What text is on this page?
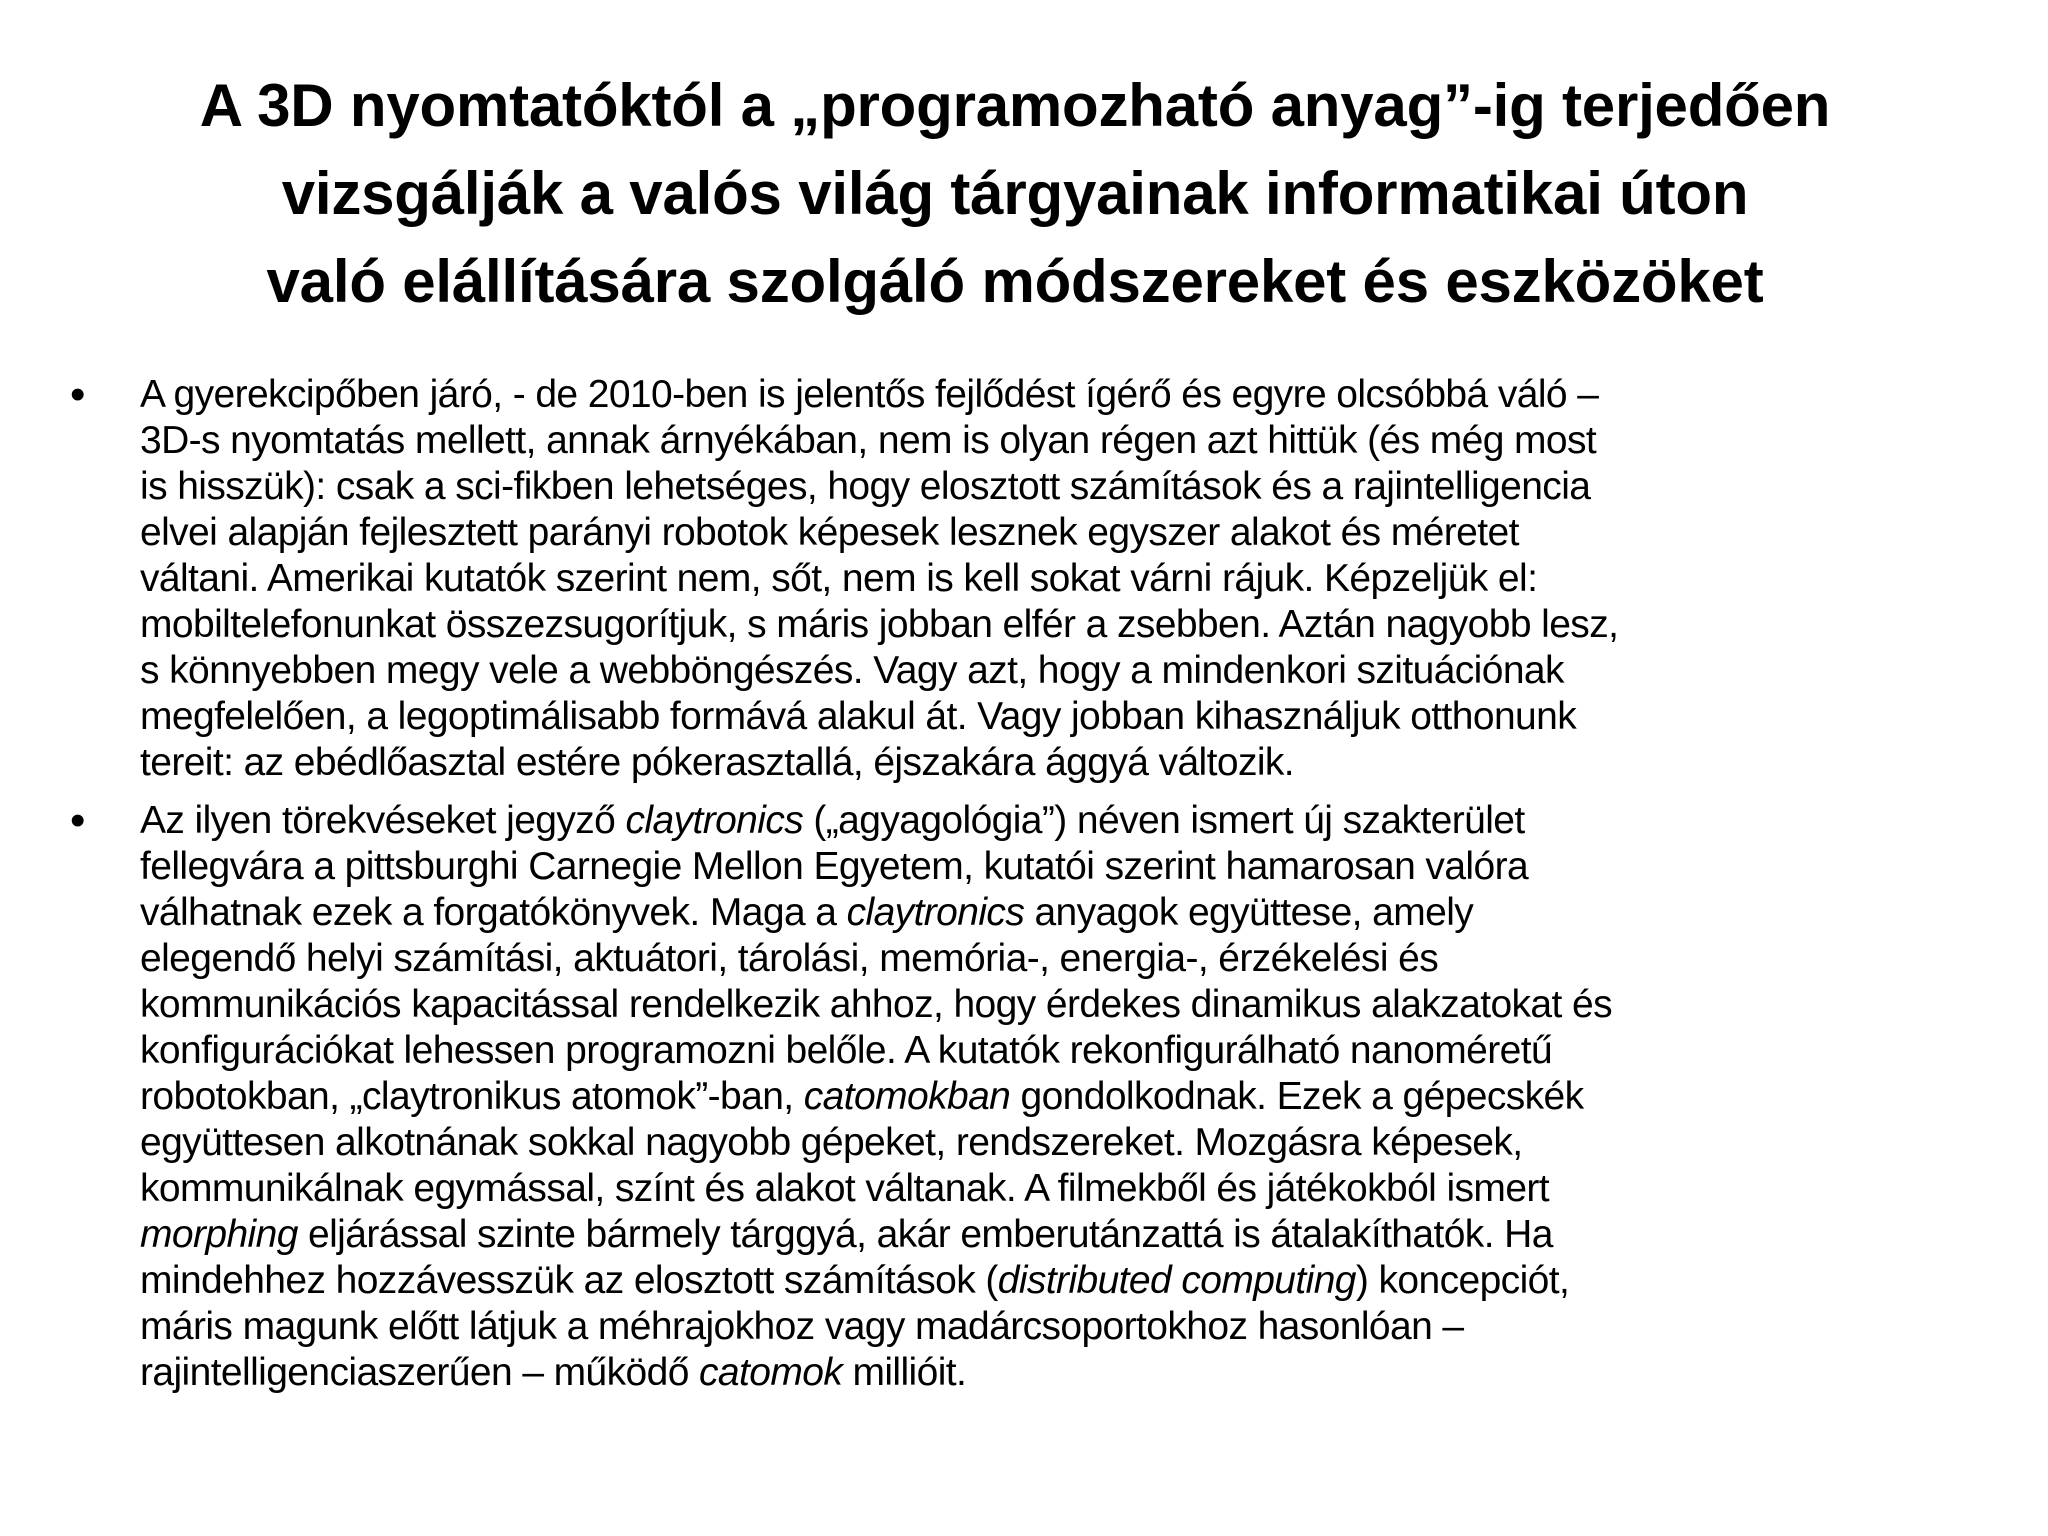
A 3D nyomtatóktól a „programozható anyag”-ig terjedően
vizsgálják a valós világ tárgyainak informatikai úton
való elállítására szolgáló módszereket és eszközöket
• A gyerekcipőben járó, - de 2010-ben is jelentős fejlődést ígérő és egyre olcsóbbá váló –
3D-s nyomtatás mellett, annak árnyékában, nem is olyan régen azt hittük (és még most
is hisszük): csak a sci-fikben lehetséges, hogy elosztott számítások és a rajintelligencia
elvei alapján fejlesztett parányi robotok képesek lesznek egyszer alakot és méretet
váltani. Amerikai kutatók szerint nem, sőt, nem is kell sokat várni rájuk. Képzeljük el:
mobiltelefonunkat összezsugorítjuk, s máris jobban elfér a zsebben. Aztán nagyobb lesz,
s könnyebben megy vele a webböngészés. Vagy azt, hogy a mindenkori szituációnak
megfelelően, a legoptimálisabb formává alakul át. Vagy jobban kihasználjuk otthonunk
tereit: az ebédlőasztal estére pókerasztallá, éjszakára ággyá változik.
• Az ilyen törekvéseket jegyző claytronics („agyagológia”) néven ismert új szakterület
fellegvára a pittsburghi Carnegie Mellon Egyetem, kutatói szerint hamarosan valóra
válhatnak ezek a forgatókönyvek. Maga a claytronics anyagok együttese, amely
elegendő helyi számítási, aktuátori, tárolási, memória-, energia-, érzékelési és
kommunikációs kapacitással rendelkezik ahhoz, hogy érdekes dinamikus alakzatokat és
konfigurációkat lehessen programozni belőle. A kutatók rekonfigurálható nanoméretű
robotokban, „claytronikus atomok”-ban, catomokban gondolkodnak. Ezek a gépecskék
együttesen alkotnának sokkal nagyobb gépeket, rendszereket. Mozgásra képesek,
kommunikálnak egymással, színt és alakot váltanak. A filmekből és játékokból ismert
morphing eljárással szinte bármely tárggyá, akár emberutánzattá is átalakíthatók. Ha
mindehhez hozzávesszük az elosztott számítások (distributed computing) koncepciót,
máris magunk előtt látjuk a méhrajokhoz vagy madárcsoportokhoz hasonlóan –
rajintelligenciaszerűen – működő catomok millióit.
